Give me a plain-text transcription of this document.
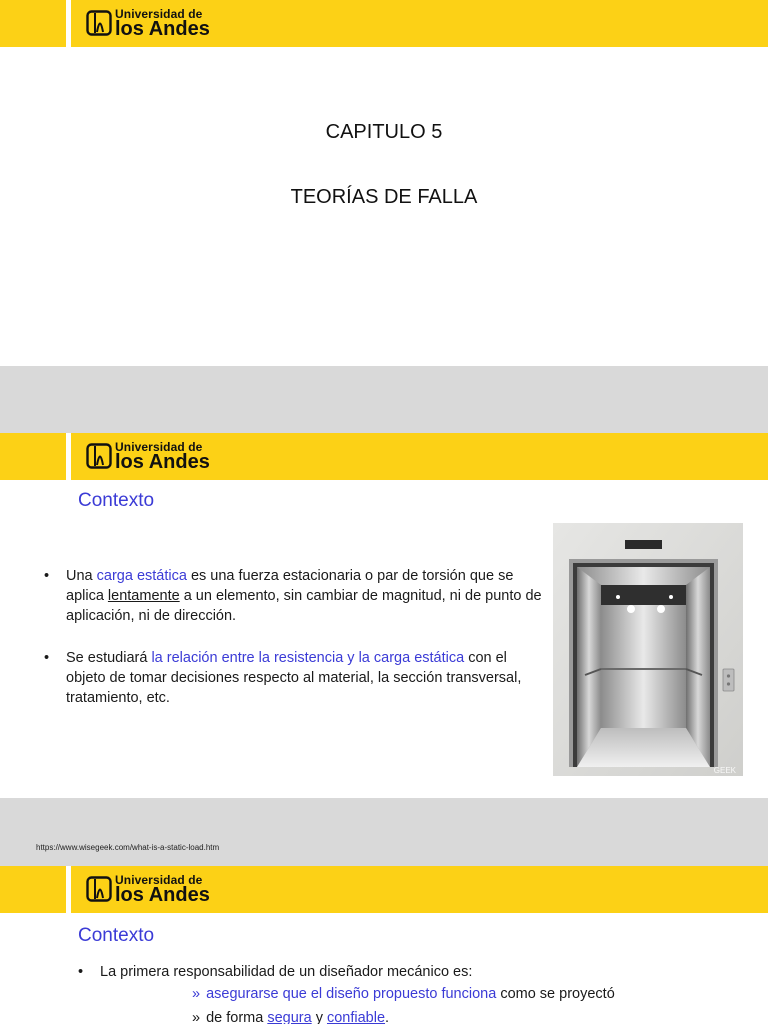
Universidad de
los Andes
CAPITULO 5
TEORÍAS DE FALLA
Universidad de
los Andes
Contexto
• Una carga estática es una fuerza estacionaria o par de torsión que se aplica lentamente a un elemento, sin cambiar de magnitud, ni de punto de aplicación, ni de dirección.
• Se estudiará la relación entre la resistencia y la carga estática con el objeto de tomar decisiones respecto al material, la sección transversal, tratamiento, etc.
GEEK
https://www.wisegeek.com/what-is-a-static-load.htm
Universidad de
los Andes
Contexto
• La primera responsabilidad de un diseñador mecánico es:
» asegurarse que el diseño propuesto funciona como se proyectó
» de forma segura y confiable.
